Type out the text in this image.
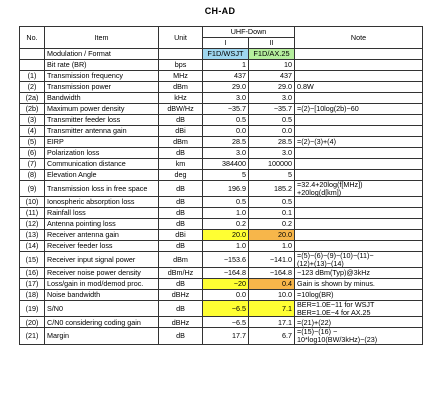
CH-AD
No.	Item	Unit	UHF-Down		Note
			I	II	
	Modulation / Format		F1D/WSJT	F1D/AX.25	
	Bit rate (BR)	bps	1	10	
(1)	Transmission frequency	MHz	437	437	
(2)	Transmission power	dBm	29.0	29.0	0.8W
(2a)	Bandwidth	kHz	3.0	3.0	
(2b)	Maximum power density	dBW/Hz	−35.7	−35.7	=(2)−[10log(2b)−60
(3)	Transmitter feeder loss	dB	0.5	0.5	
(4)	Transmitter antenna gain	dBi	0.0	0.0	
(5)	EIRP	dBm	28.5	28.5	=(2)−(3)+(4)
(6)	Polarization loss	dB	3.0	3.0	
(7)	Communication distance	km	384400	100000	
(8)	Elevation Angle	deg	5	5	
(9)	Transmission loss in free space	dB	196.9	185.2	=32.4+20log(f[MHz])
+20log(d[km])
(10)	Ionospheric absorption loss	dB	0.5	0.5	
(11)	Rainfall loss	dB	1.0	0.1	
(12)	Antenna pointing loss	dB	0.2	0.2	
(13)	Receiver antenna gain	dBi	20.0	20.0	
(14)	Receiver feeder loss	dB	1.0	1.0	
(15)	Receiver input signal power	dBm	−153.6	−141.0	=(5)−(6)−(9)−(10)−(11)−
(12)+(13)−(14)
(16)	Receiver noise power density	dBm/Hz	−164.8	−164.8	−123 dBm(Typ)@3kHz
(17)	Loss/gain in mod/demod proc.	dB	−20	0.4	Gain is shown by minus.
(18)	Noise bandwidth	dBHz	0.0	10.0	=10log(BR)
(19)	S/N0	dB	−6.5	7.1	BER=1.0E−11 for WSJT
BER=1.0E−4 for AX.25
(20)	C/N0 considering coding gain	dBHz	−6.5	17.1	=(21)+(22)
(21)	Margin	dB	17.7	6.7	=(15)−(16) −
10*log10(BW/3kHz)−(23)
